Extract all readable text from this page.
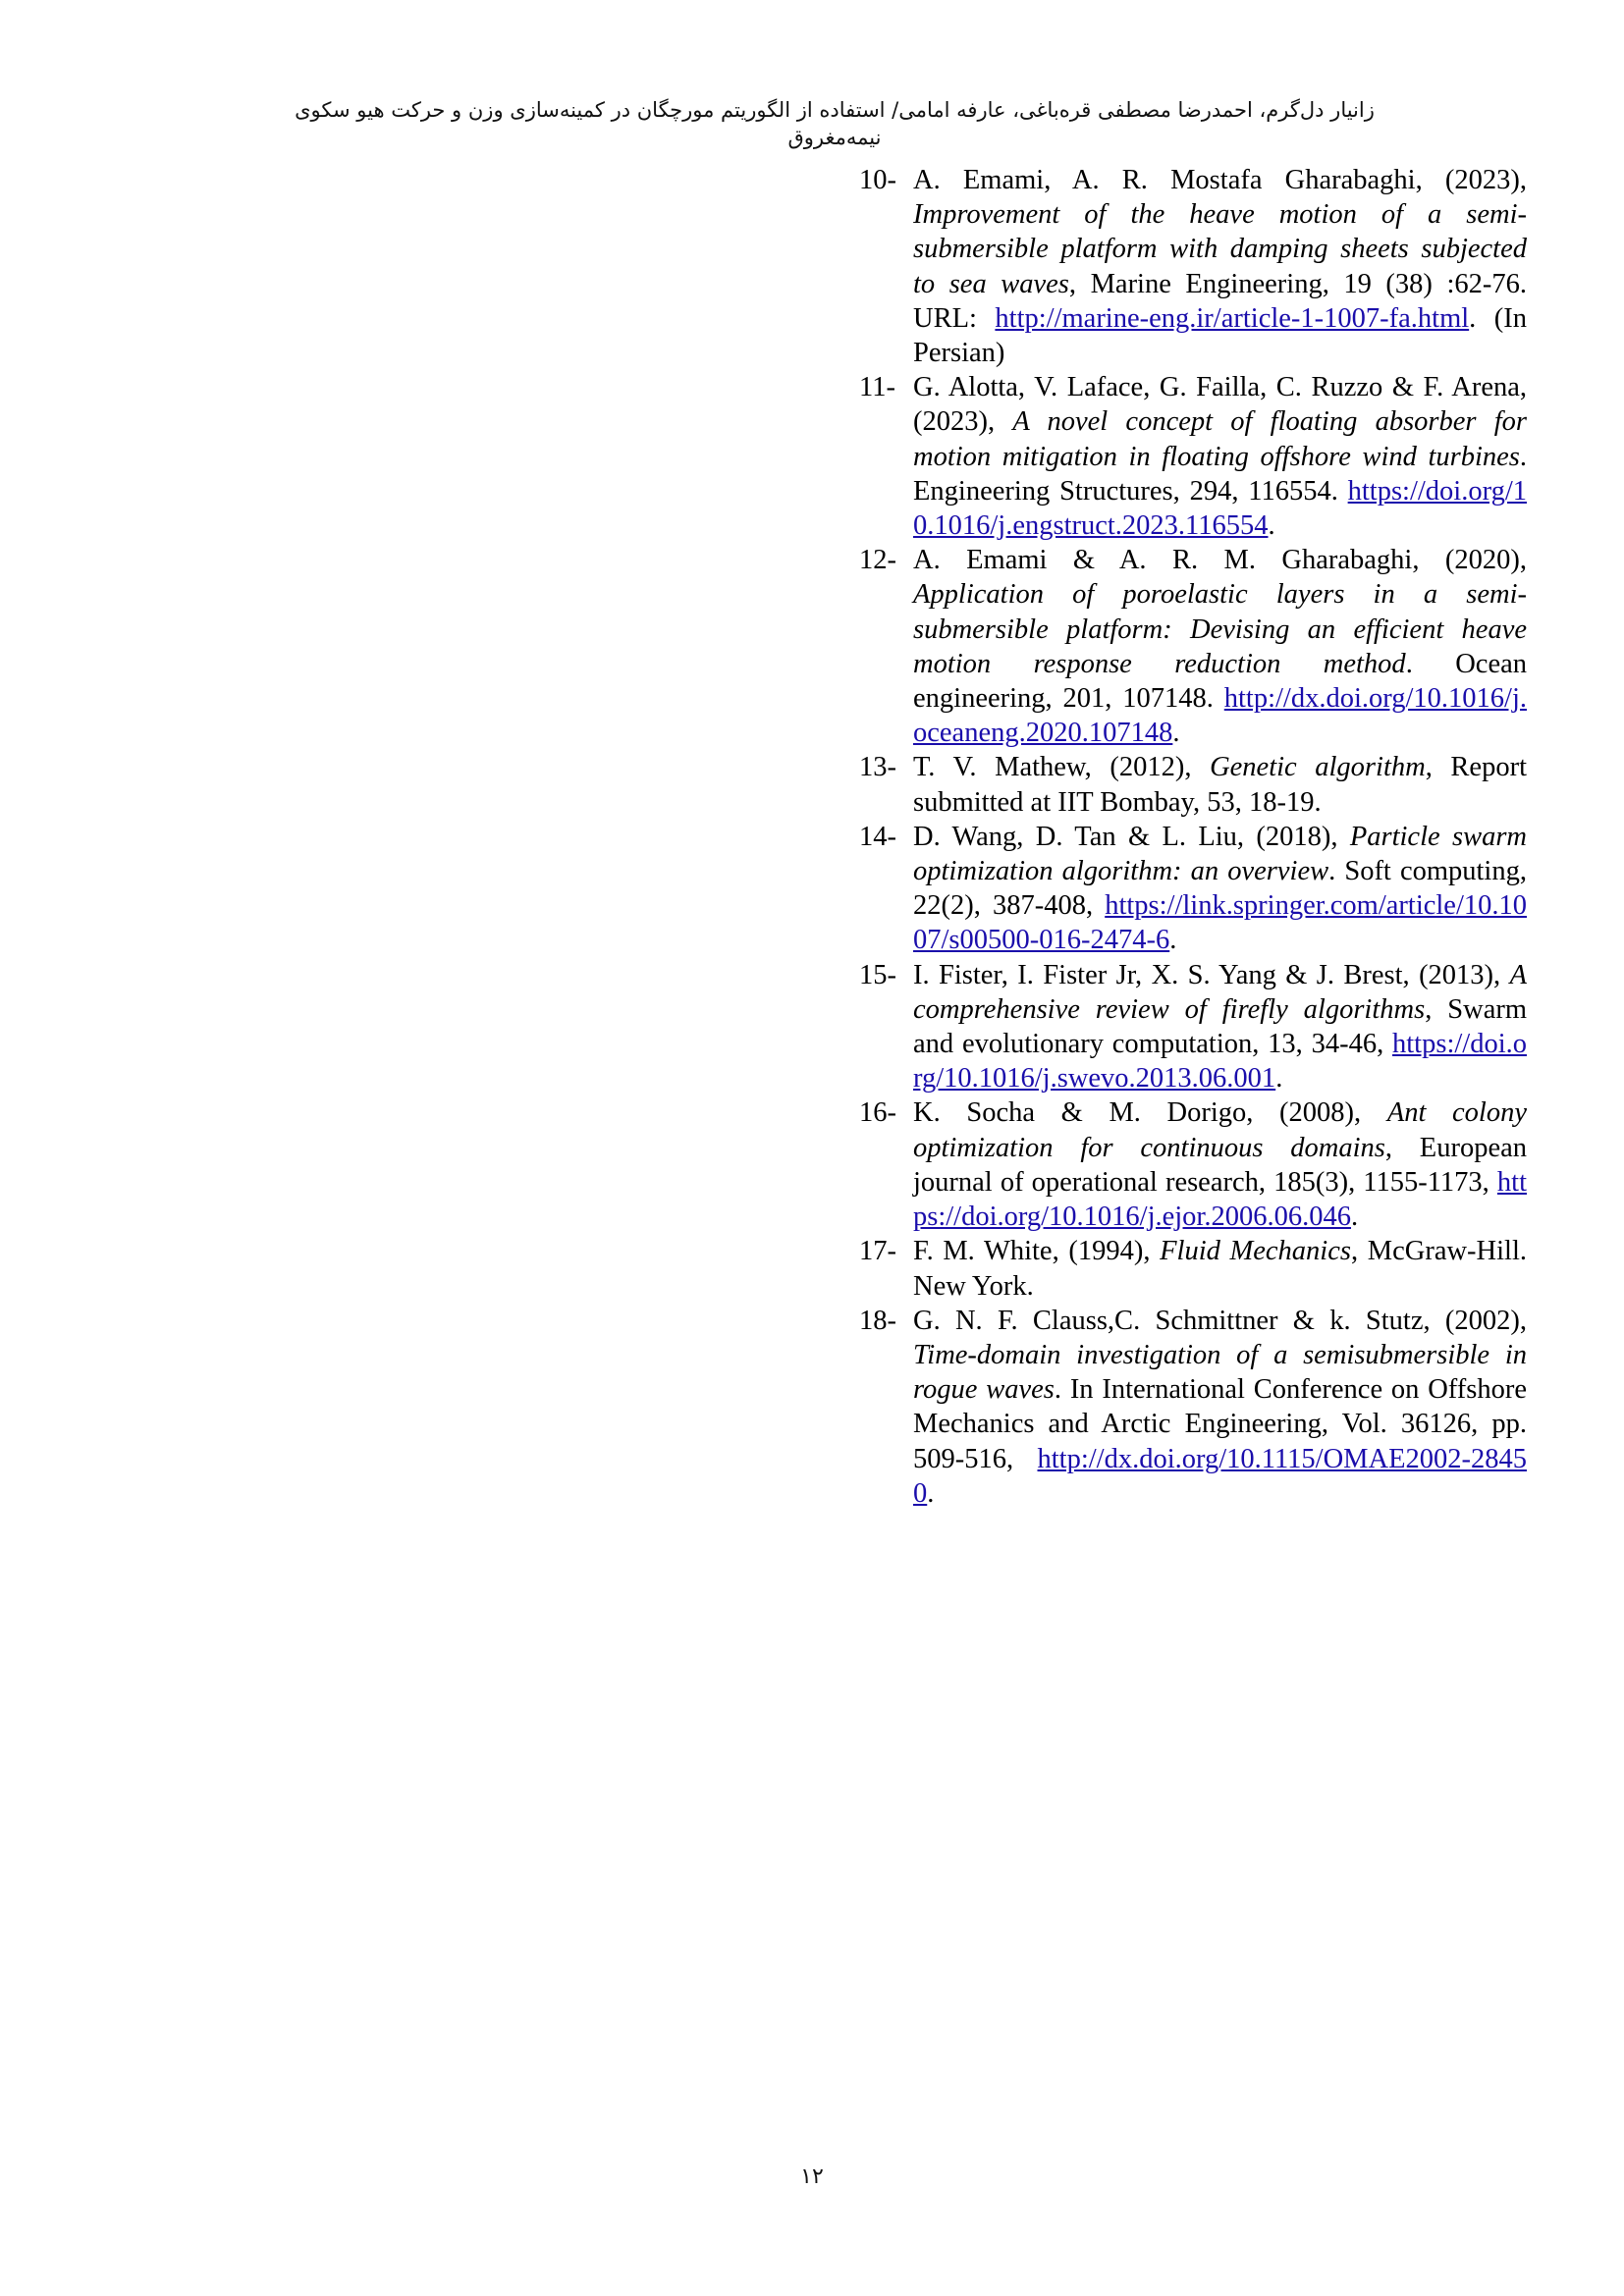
زانیار دل‌گرم، احمدرضا مصطفی قره‌باغی، عارفه امامی/ استفاده از الگوریتم مورچگان در کمینه‌سازی وزن و حرکت هیو سکوی نیمه‌مغروق
10- A. Emami, A. R. Mostafa Gharabaghi, (2023), Improvement of the heave motion of a semi-submersible platform with damping sheets subjected to sea waves, Marine Engineering, 19 (38) :62-76. URL: http://marine-eng.ir/article-1-1007-fa.html. (In Persian)
11- G. Alotta, V. Laface, G. Failla, C. Ruzzo & F. Arena, (2023), A novel concept of floating absorber for motion mitigation in floating offshore wind turbines. Engineering Structures, 294, 116554. https://doi.org/10.1016/j.engstruct.2023.116554.
12- A. Emami & A. R. M. Gharabaghi, (2020), Application of poroelastic layers in a semi-submersible platform: Devising an efficient heave motion response reduction method. Ocean engineering, 201, 107148. http://dx.doi.org/10.1016/j.oceaneng.2020.107148.
13- T. V. Mathew, (2012), Genetic algorithm, Report submitted at IIT Bombay, 53, 18-19.
14- D. Wang, D. Tan & L. Liu, (2018), Particle swarm optimization algorithm: an overview. Soft computing, 22(2), 387-408, https://link.springer.com/article/10.1007/s00500-016-2474-6.
15- I. Fister, I. Fister Jr, X. S. Yang & J. Brest, (2013), A comprehensive review of firefly algorithms, Swarm and evolutionary computation, 13, 34-46, https://doi.org/10.1016/j.swevo.2013.06.001.
16- K. Socha & M. Dorigo, (2008), Ant colony optimization for continuous domains, European journal of operational research, 185(3), 1155-1173, https://doi.org/10.1016/j.ejor.2006.06.046.
17- F. M. White, (1994), Fluid Mechanics, McGraw-Hill. New York.
18- G. N. F. Clauss,C. Schmittner & k. Stutz, (2002), Time-domain investigation of a semisubmersible in rogue waves. In International Conference on Offshore Mechanics and Arctic Engineering, Vol. 36126, pp. 509-516, http://dx.doi.org/10.1115/OMAE2002-28450.
۱۲
